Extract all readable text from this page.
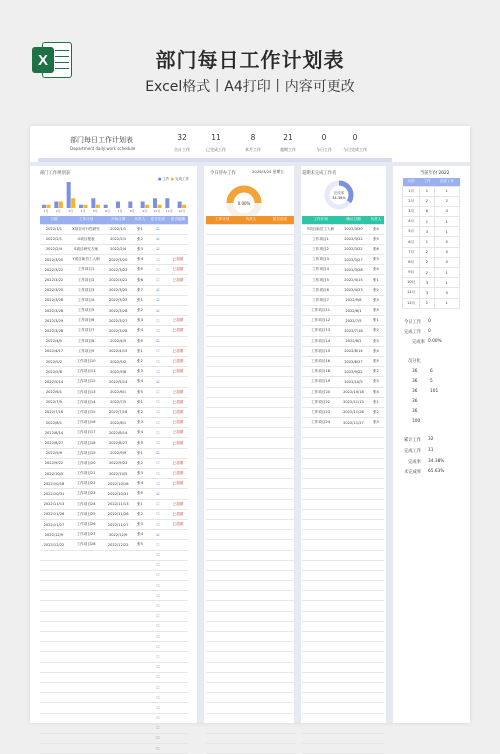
X	部门每日工作计划表
Excel格式丨A4打印丨内容可更改
部门每日工作计划表
Department daily work schedule
32
合计工作
11
已完成工作
8
本月工作
21
超期工作
0
今日工作
0
今日完成工作
部门工作规划表
■ 工作 ■ 完成工作
1月 2月 3月 4月 5月 6月 7月 8月 9月 10月 11月 12月
日期	工作计划	开始日期	负责人	是否完成	是否超期
2022/1/1	X项目可行性研究	2022/1/1	张1	☑	
2022/2/1	O项目报表	2022/2/1	张2	☑	
2022/2/4	S项目研究方案	2022/2/4	张3	☑	
2022/3/20	Y项目新员工入职	2022/3/20	张4	☐	已超期
2022/3/22	工作项目1	2022/3/22	张5	☐	已超期
2022/3/22	工作项目2	2022/3/22	张6	☐	已超期
2022/3/25	工作项目3	2022/3/25	张7	☑	
2022/3/28	工作项目4	2022/3/25	张1	☑	
2022/3/28	工作项目5	2022/3/28	张2	☑	
2022/3/29	工作项目6	2022/3/27	张3	☐	已超期
2022/3/28	工作项目7	2022/3/28	张4	☐	已超期
2022/4/5	工作项目8	2022/4/5	张5	☑	
2022/4/17	工作项目9	2022/4/15	张1	☐	已超期
2022/5/2	工作项目10	2022/5/2	张2	☐	已超期
2022/5/8	工作项目11	2022/5/8	张3	☐	已超期
2022/5/14	工作项目12	2022/5/14	张4	☑	
2022/6/1	工作项目13	2022/6/1	张5	☐	已超期
2022/7/5	工作项目14	2022/7/5	张1	☐	已超期
2022/7/18	工作项目15	2022/7/18	张2	☐	已超期
2022/8/1	工作项目16	2022/8/1	张3	☐	已超期
2022/8/14	工作项目17	2022/8/14	张4	☐	已超期
2022/8/27	工作项目18	2022/8/27	张5	☐	已超期
2022/9/9	工作项目19	2022/9/9	张1	☑	
2022/9/22	工作项目20	2022/9/22	张2	☐	已超期
2022/10/5	工作项目21	2022/10/5	张3	☐	已超期
2022/10/18	工作项目22	2022/10/18	张4	☐	已超期
2022/10/31	工作项目23	2022/10/31	张5	☑	
2022/11/13	工作项目24	2022/11/13	张1	☐	已超期
2022/11/26	工作项目25	2022/11/26	张2	☐	已超期
2022/11/27	工作项目26	2022/11/27	张3	☐	已超期
2022/12/9	工作项目27	2022/12/9	张4	☑	
2022/12/22	工作项目28	2022/12/22	张5	☐	
				☐	
				☐	
				☐	
				☐	
				☐	
				☐	
				☐	
				☐	
				☐	
				☐	
				☐	
				☐	
				☐	
				☐	
				☐	
				☐	
				☐	
				☐	
				☐	
				☐	
今日待办工作	2026/3/24 星期五
0.00%
工作计划	负责人	是否完成

超期未完成工作名
完成率
34.38%
工作计划	确认日期	负责人
Y项目新员工入职	2022/3/20	张4
工作项目1	2022/3/22	张5
工作项目2	2022/3/22	张6
工作项目3	2022/3/27	张3
工作项目4	2022/3/28	张4
工作项目5	2022/4/15	张1
工作项目6	2022/4/23	张2
工作项目7	2022/5/8	张3
工作项目11	2022/6/1	张5
工作项目12	2022/7/5	张1
工作项目13	2022/7/18	张2
工作项目14	2022/8/1	张3
工作项目15	2022/8/14	张4
工作项目16	2022/8/27	张5
工作项目18	2022/9/22	张2
工作项目19	2022/10/5	张3
工作项目20	2022/10/18	张4
工作项目22	2022/11/13	张1
工作项目23	2022/11/26	张2
工作项目24	2022/11/27	张3

当前年份 2022
月份	工作	完成工作
1月	1	1
2月	2	2
3月	8	3
4月	1	1
5月	3	1
6月	1	0
7月	2	0
8月	2	0
9月	2	1
10月	3	1
11月	3	0
12月	2	1
今日工作 0
完成工作 0
完成率 0.00%
员分化
36	6
36	5
36	101
36
36
100
累计工作 32
完成工作 11
完成率 34.38%
未完成率 65.63%
